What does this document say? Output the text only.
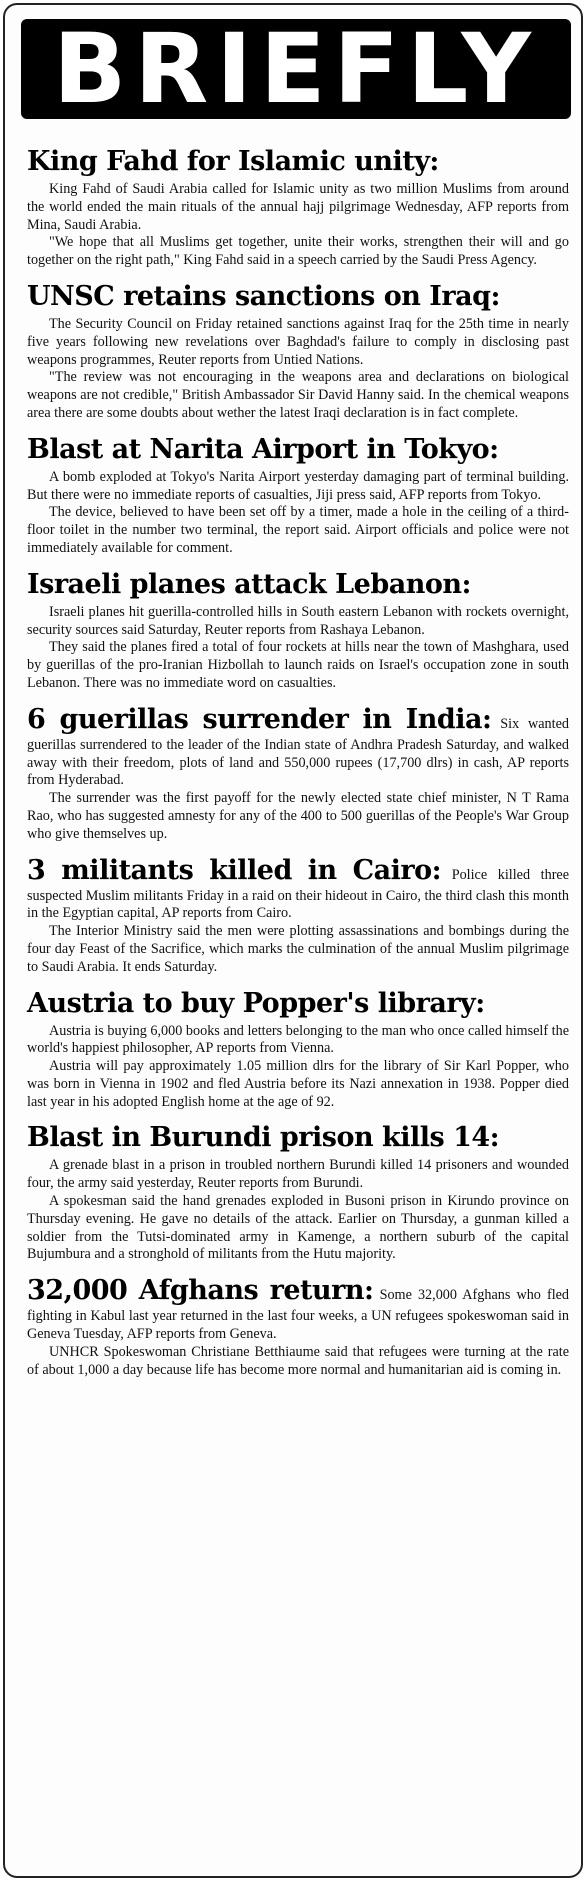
BRIEFLY

King Fahd for Islamic unity:

King Fahd of Saudi Arabia called for Islamic unity as two million Muslims from around the world ended the main rituals of the annual hajj pilgrimage Wednesday, AFP reports from Mina, Saudi Arabia.

"We hope that all Muslims get together, unite their works, strengthen their will and go together on the right path," King Fahd said in a speech carried by the Saudi Press Agency.

UNSC retains sanctions on Iraq:

The Security Council on Friday retained sanctions against Iraq for the 25th time in nearly five years following new revelations over Baghdad's failure to comply in disclosing past weapons programmes, Reuter reports from Untied Nations.

"The review was not encouraging in the weapons area and declarations on biological weapons are not credible," British Ambassador Sir David Hanny said. In the chemical weapons area there are some doubts about wether the latest Iraqi declaration is in fact complete.

Blast at Narita Airport in Tokyo:

A bomb exploded at Tokyo's Narita Airport yesterday damaging part of terminal building. But there were no immediate reports of casualties, Jiji press said, AFP reports from Tokyo.

The device, believed to have been set off by a timer, made a hole in the ceiling of a third-floor toilet in the number two terminal, the report said. Airport officials and police were not immediately available for comment.

Israeli planes attack Lebanon:

Israeli planes hit guerilla-controlled hills in South eastern Lebanon with rockets overnight, security sources said Saturday, Reuter reports from Rashaya Lebanon.

They said the planes fired a total of four rockets at hills near the town of Mashghara, used by guerillas of the pro-Iranian Hizbollah to launch raids on Israel's occupation zone in south Lebanon. There was no immediate word on casualties.

6 guerillas surrender in India: Six wanted guerillas surrendered to the leader of the Indian state of Andhra Pradesh Saturday, and walked away with their freedom, plots of land and 550,000 rupees (17,700 dlrs) in cash, AP reports from Hyderabad.

The surrender was the first payoff for the newly elected state chief minister, N T Rama Rao, who has suggested amnesty for any of the 400 to 500 guerillas of the People's War Group who give themselves up.

3 militants killed in Cairo: Police killed three suspected Muslim militants Friday in a raid on their hideout in Cairo, the third clash this month in the Egyptian capital, AP reports from Cairo.

The Interior Ministry said the men were plotting assassinations and bombings during the four day Feast of the Sacrifice, which marks the culmination of the annual Muslim pilgrimage to Saudi Arabia. It ends Saturday.

Austria to buy Popper's library:

Austria is buying 6,000 books and letters belonging to the man who once called himself the world's happiest philosopher, AP reports from Vienna.

Austria will pay approximately 1.05 million dlrs for the library of Sir Karl Popper, who was born in Vienna in 1902 and fled Austria before its Nazi annexation in 1938. Popper died last year in his adopted English home at the age of 92.

Blast in Burundi prison kills 14:

A grenade blast in a prison in troubled northern Burundi killed 14 prisoners and wounded four, the army said yesterday, Reuter reports from Burundi.

A spokesman said the hand grenades exploded in Busoni prison in Kirundo province on Thursday evening. He gave no details of the attack. Earlier on Thursday, a gunman killed a soldier from the Tutsi-dominated army in Kamenge, a northern suburb of the capital Bujumbura and a stronghold of militants from the Hutu majority.

32,000 Afghans return: Some 32,000 Afghans who fled fighting in Kabul last year returned in the last four weeks, a UN refugees spokeswoman said in Geneva Tuesday, AFP reports from Geneva.

UNHCR Spokeswoman Christiane Betthiaume said that refugees were turning at the rate of about 1,000 a day because life has become more normal and humanitarian aid is coming in.
